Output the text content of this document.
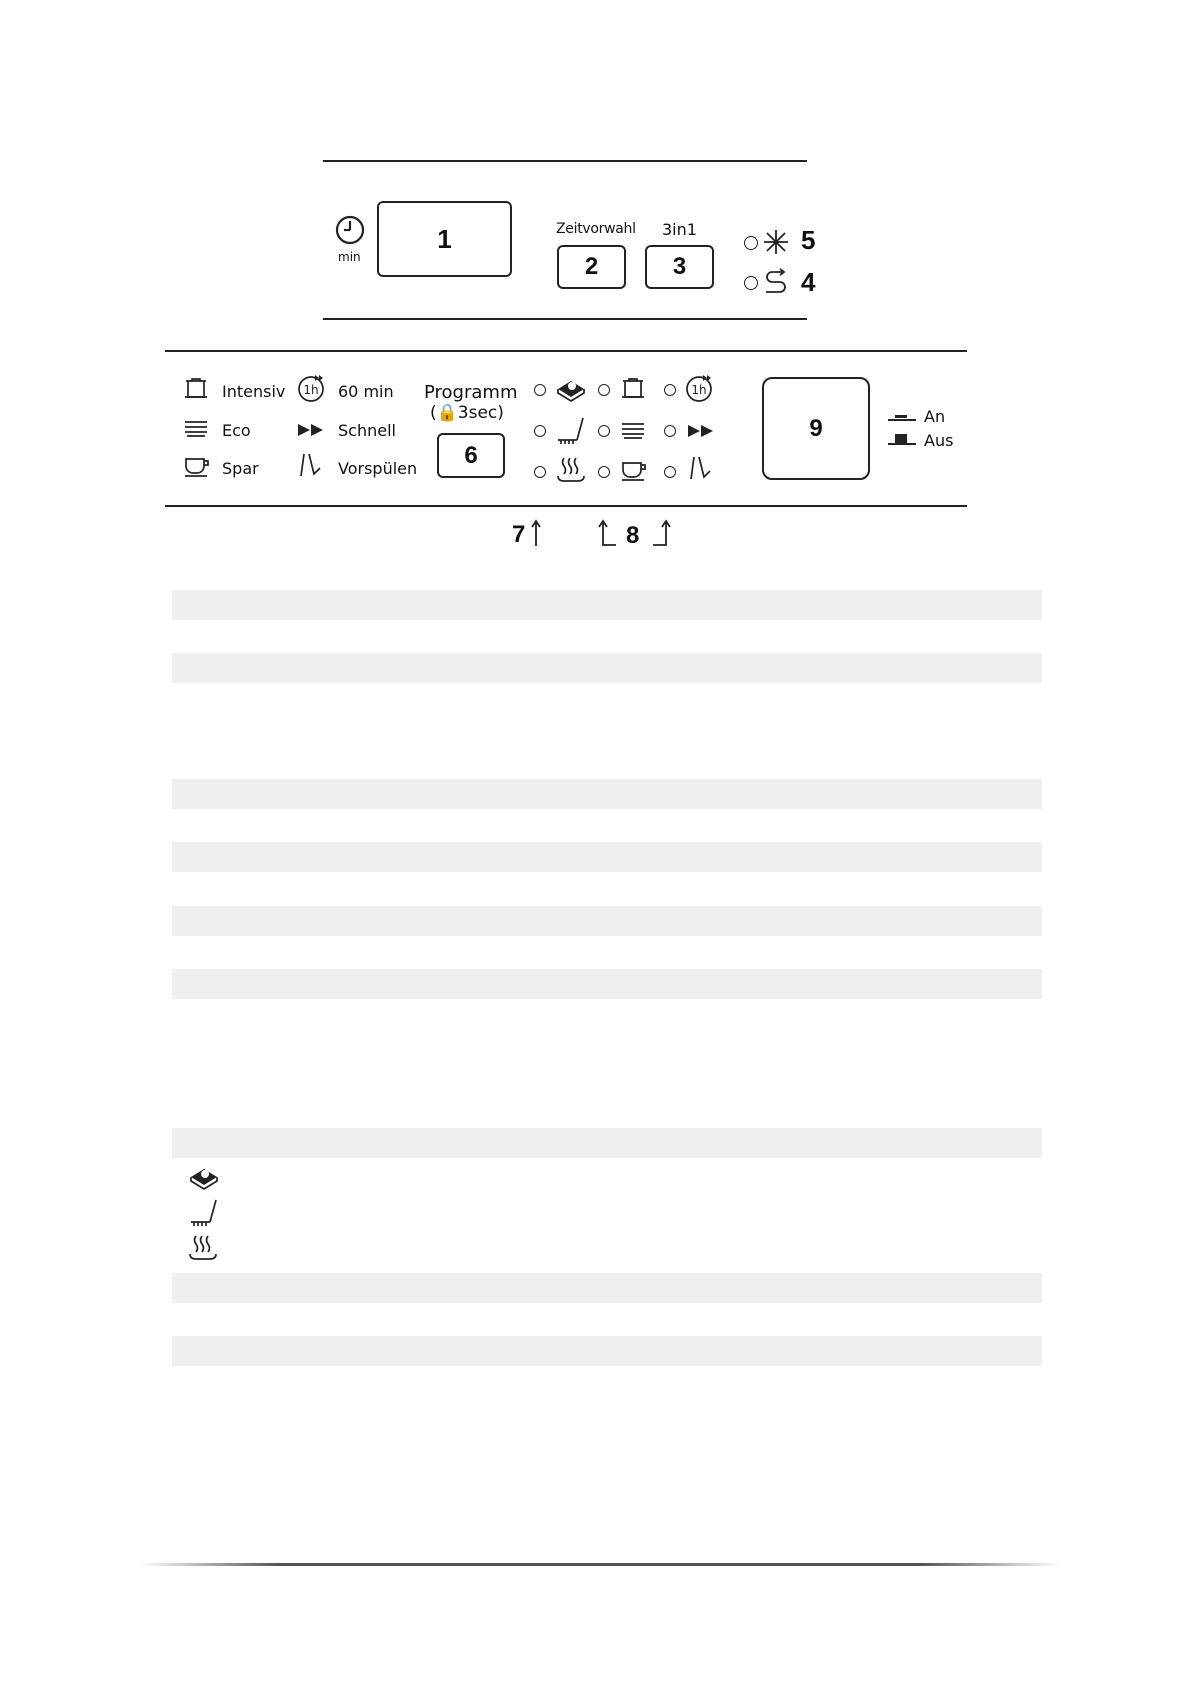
min
1	Zeitvorwahl
2
3in1
3
5
4
Intensiv
Eco
Spar
1h 60 min
Schnell
Vorspülen
Programm
(🔒3sec)
6
1h
9	An
Aus
7	8
